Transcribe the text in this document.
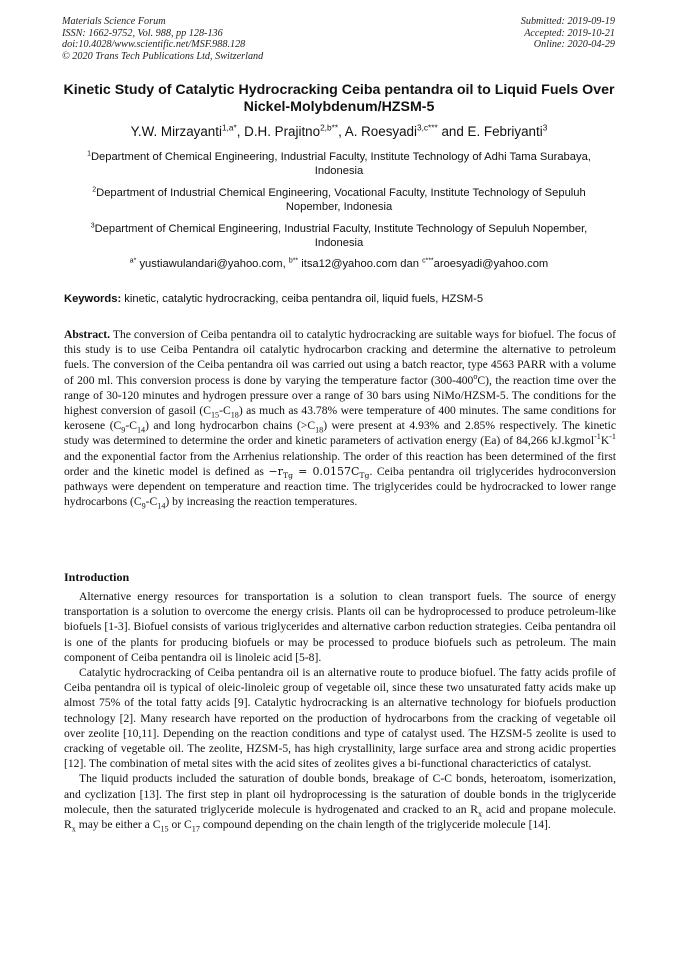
Materials Science Forum
ISSN: 1662-9752, Vol. 988, pp 128-136
doi:10.4028/www.scientific.net/MSF.988.128
© 2020 Trans Tech Publications Ltd, Switzerland
Submitted: 2019-09-19
Accepted: 2019-10-21
Online: 2020-04-29
Kinetic Study of Catalytic Hydrocracking Ceiba pentandra oil to Liquid Fuels Over Nickel-Molybdenum/HZSM-5
Y.W. Mirzayanti$^{1,a*}$, D.H. Prajitno$^{2,b**}$, A. Roesyadi$^{3,c***}$ and E. Febriyanti$^3$
$^1$Department of Chemical Engineering, Industrial Faculty, Institute Technology of Adhi Tama Surabaya, Indonesia
$^2$Department of Industrial Chemical Engineering, Vocational Faculty, Institute Technology of Sepuluh Nopember, Indonesia
$^3$Department of Chemical Engineering, Industrial Faculty, Institute Technology of Sepuluh Nopember, Indonesia
$^{a*}$ yustiawulandari@yahoo.com, $^{b**}$ itsa12@yahoo.com dan $^{c***}$aroesyadi@yahoo.com
Keywords: kinetic, catalytic hydrocracking, ceiba pentandra oil, liquid fuels, HZSM-5
Abstract. The conversion of Ceiba pentandra oil to catalytic hydrocracking are suitable ways for biofuel. The focus of this study is to use Ceiba Pentandra oil catalytic hydrocarbon cracking and determine the alternative to petroleum fuels. The conversion of the Ceiba pentandra oil was carried out using a batch reactor, type 4563 PARR with a volume of 200 ml. This conversion process is done by varying the temperature factor (300-400$^o$C), the reaction time over the range of 30-120 minutes and hydrogen pressure over a range of 30 bars using NiMo/HZSM-5. The conditions for the highest conversion of gasoil $(C_{15}-C_{18})$ as much as 43.78% were temperature of 400 minutes. The same conditions for kerosene $(C_9-C_{14})$ and long hydrocarbon chains $(>C_{18})$ were present at 4.93% and 2.85% respectively. The kinetic study was determined to determine the order and kinetic parameters of activation energy (Ea) of 84,266 $kJ.kgmol^{-1}K^{-1}$ and the exponential factor from the Arrhenius relationship. The order of this reaction has been determined of the first order and the kinetic model is defined as $-r_{Tg} = 0.0157C_{Tg}$. Ceiba pentandra oil triglycerides hydroconversion pathways were dependent on temperature and reaction time. The triglycerides could be hydrocracked to lower range hydrocarbons $(C_9-C_{14})$ by increasing the reaction temperatures.
Introduction

Alternative energy resources for transportation is a solution to clean transport fuels. The source of energy transportation is a solution to overcome the energy crisis. Plants oil can be hydroprocessed to produce petroleum-like biofuels [1-3]. Biofuel consists of various triglycerides and alternative carbon reduction strategies. Ceiba pentandra oil is one of the plants for producing biofuels or may be processed to produce biofuels such as petroleum. The main component of Ceiba pentandra oil is linoleic acid [5-8].

Catalytic hydrocracking of Ceiba pentandra oil is an alternative route to produce biofuel. The fatty acids profile of Ceiba pentandra oil is typical of oleic-linoleic group of vegetable oil, since these two unsaturated fatty acids make up almost 75% of the total fatty acids [9]. Catalytic hydrocracking is an alternative technology for biofuels production technology [2]. Many research have reported on the production of hydrocarbons from the cracking of vegetable oil over zeolite [10,11]. Depending on the reaction conditions and type of catalyst used. The HZSM-5 zeolite is used to cracking of vegetable oil. The zeolite, HZSM-5, has high crystallinity, large surface area and strong acidic properties [12]. The combination of metal sites with the acid sites of zeolites gives a bi-functional characterictics of catalyst.

The liquid products included the saturation of double bonds, breakage of C-C bonds, heteroatom, isomerization, and cyclization [13]. The first step in plant oil hydroprocessing is the saturation of double bonds in the triglyceride molecule, then the saturated triglyceride molecule is hydrogenated and cracked to an $R_x$ acid and propane molecule. $R_x$ may be either a $C_{15}$ or $C_{17}$ compound depending on the chain length of the triglyceride molecule [14].
